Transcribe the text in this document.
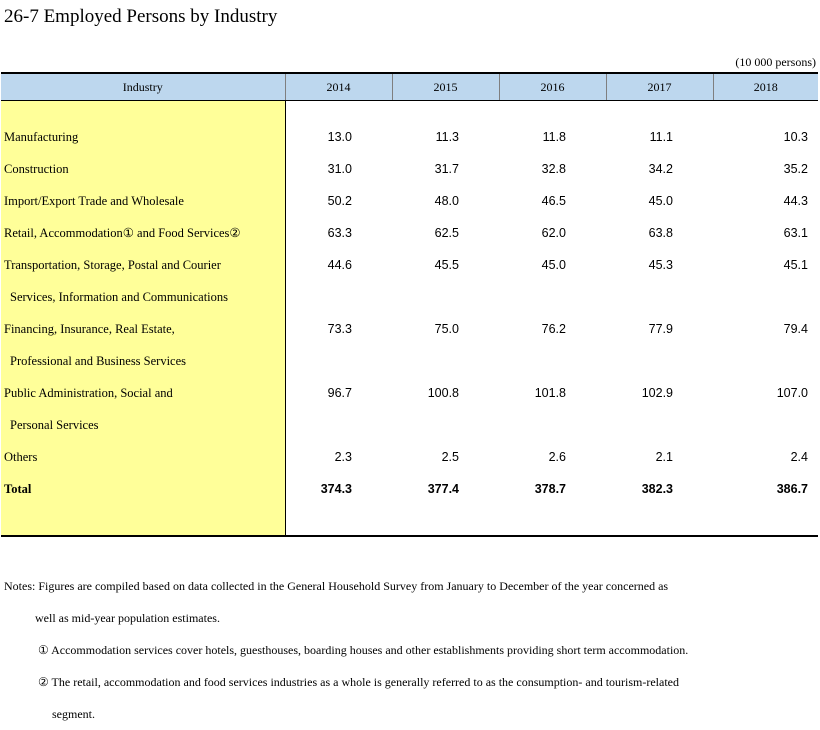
26-7 Employed Persons by Industry
(10 000 persons)
Industry	2014	2015	2016	2017	2018

Manufacturing	13.0	11.3	11.8	11.1	10.3
Construction	31.0	31.7	32.8	34.2	35.2
Import/Export Trade and Wholesale	50.2	48.0	46.5	45.0	44.3
Retail, Accommodation① and Food Services②	63.3	62.5	62.0	63.8	63.1
Transportation, Storage, Postal and Courier	44.6	45.5	45.0	45.3	45.1
Services, Information and Communications					
Financing, Insurance, Real Estate,	73.3	75.0	76.2	77.9	79.4
Professional and Business Services					
Public Administration, Social and	96.7	100.8	101.8	102.9	107.0
Personal Services					
Others	2.3	2.5	2.6	2.1	2.4
Total	374.3	377.4	378.7	382.3	386.7

Notes: Figures are compiled based on data collected in the General Household Survey from January to December of the year concerned as
well as mid-year population estimates.
① Accommodation services cover hotels, guesthouses, boarding houses and other establishments providing short term accommodation.
② The retail, accommodation and food services industries as a whole is generally referred to as the consumption- and tourism-related
segment.
